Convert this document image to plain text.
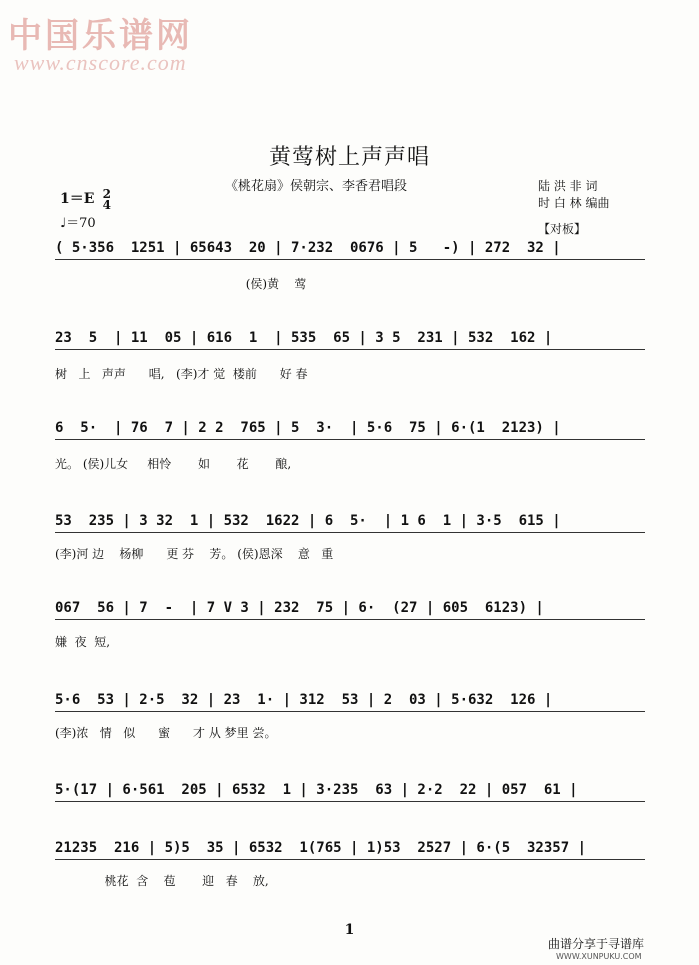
中国乐谱网
www.cnscore.com
黄莺树上声声唱
《桃花扇》侯朝宗、李香君唱段	陆 洪 非 词
时 白 林 编曲
1＝E 2
4
♩＝70	【对板】
( 5·356  1251 | 65643  20 | 7·232  0676 | 5   -) | 272  32 |
(侯)黄    莺
23  5  | 11  05 | 616  1  | 535  65 | 3 5  231 | 532  162 |
树   上   声声      唱,   (李)才 觉  楼前      好 春
6  5·  | 76  7 | 2 2  765 | 5  3·  | 5·6  75 | 6·(1  2123) |
光。 (侯)儿女     相怜       如       花       酿,
53  235 | 3 32  1 | 532  1622 | 6  5·  | 1 6  1 | 3·5  615 |
(李)河 边    杨柳      更 芬    芳。 (侯)恩深    意   重
067  56 | 7  -  | 7 V 3 | 232  75 | 6·  (27 | 605  6123) |
嫌  夜  短,
5·6  53 | 2·5  32 | 23  1· | 312  53 | 2  03 | 5·632  126 |
(李)浓   情   似      蜜      才 从 梦里 尝。
5·(17 | 6·561  205 | 6532  1 | 3·235  63 | 2·2  22 | 057  61 |
21235  216 | 5)5  35 | 6532  1(765 | 1)53  2527 | 6·(5  32357 |
桃花  含    苞       迎   春    放,
1
曲谱分享于寻谱库
WWW.XUNPUKU.COM
